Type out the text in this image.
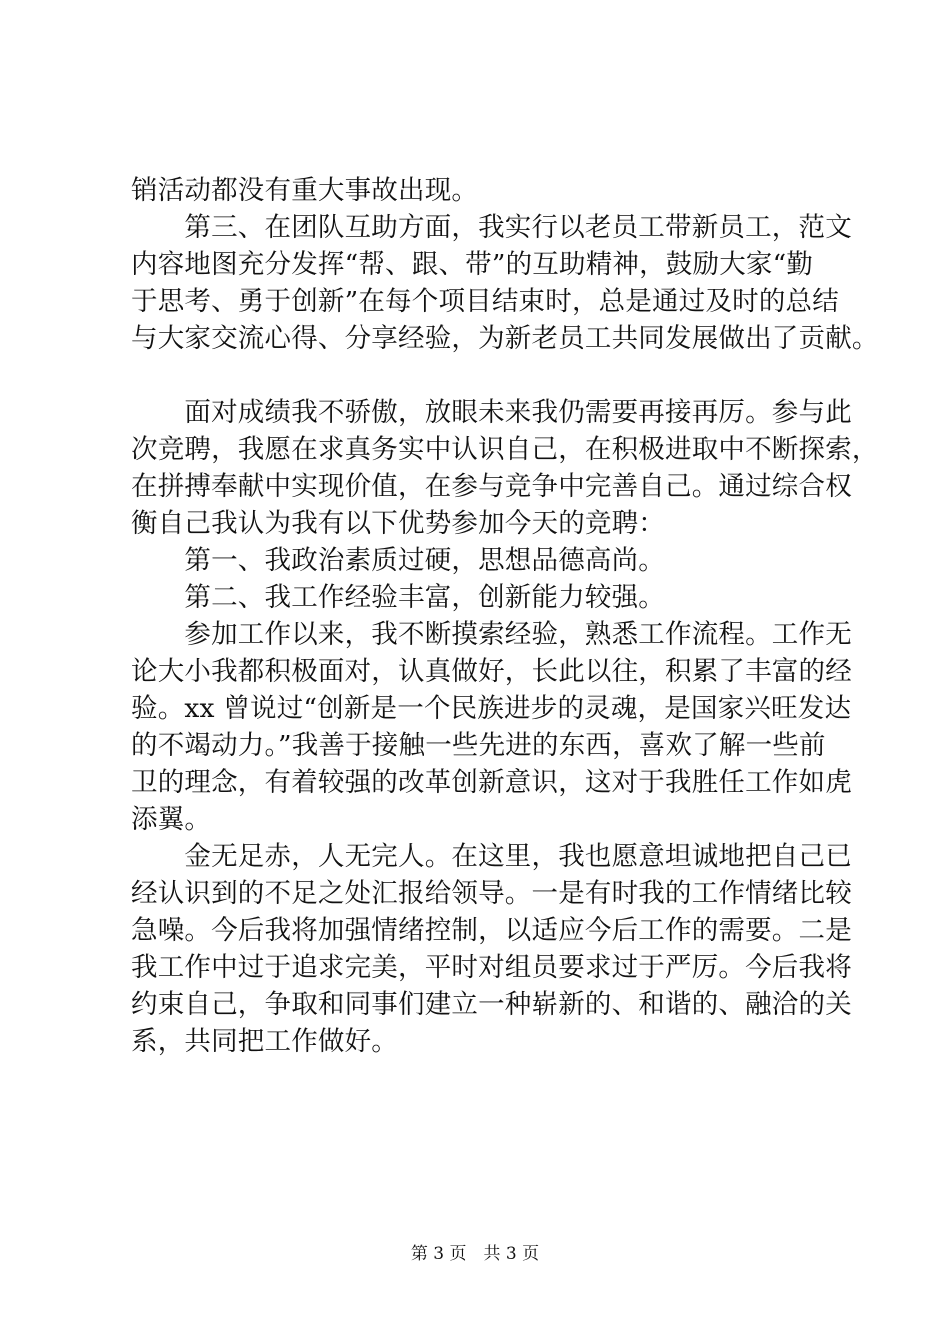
销活动都没有重大事故出现。
　　第三、在团队互助方面，我实行以老员工带新员工，范文
内容地图充分发挥“帮、跟、带”的互助精神，鼓励大家“勤
于思考、勇于创新”在每个项目结束时，总是通过及时的总结
与大家交流心得、分享经验，为新老员工共同发展做出了贡献。
　　面对成绩我不骄傲，放眼未来我仍需要再接再厉。参与此
次竞聘，我愿在求真务实中认识自己，在积极进取中不断探索，
在拼搏奉献中实现价值，在参与竞争中完善自己。通过综合权
衡自己我认为我有以下优势参加今天的竞聘：
　　第一、我政治素质过硬，思想品德高尚。
　　第二、我工作经验丰富，创新能力较强。
　　参加工作以来，我不断摸索经验，熟悉工作流程。工作无
论大小我都积极面对，认真做好，长此以往，积累了丰富的经
验。xx 曾说过“创新是一个民族进步的灵魂，是国家兴旺发达
的不竭动力。”我善于接触一些先进的东西，喜欢了解一些前
卫的理念，有着较强的改革创新意识，这对于我胜任工作如虎
添翼。
　　金无足赤，人无完人。在这里，我也愿意坦诚地把自己已
经认识到的不足之处汇报给领导。一是有时我的工作情绪比较
急噪。今后我将加强情绪控制，以适应今后工作的需要。二是
我工作中过于追求完美，平时对组员要求过于严厉。今后我将
约束自己，争取和同事们建立一种崭新的、和谐的、融洽的关
系，共同把工作做好。
第 3 页　共 3 页
